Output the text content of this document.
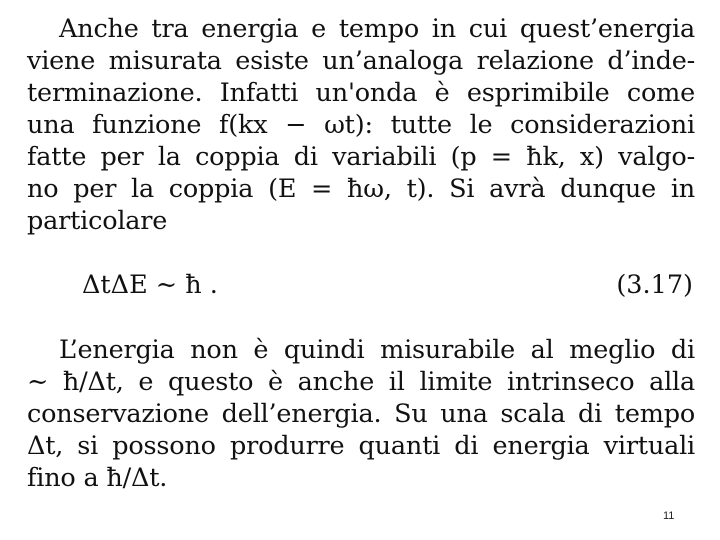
Anche tra energia e tempo in cui quest’energia
viene misurata esiste un’analoga relazione d’inde-
terminazione. Infatti un'onda è esprimibile come
una funzione f(kx − ωt): tutte le considerazioni
fatte per la coppia di variabili (p = ħk, x) valgo-
no per la coppia (E = ħω, t). Si avrà dunque in
particolare
ΔtΔE ∼ ħ .	(3.17)
L’energia non è quindi misurabile al meglio di
∼ ħ/Δt, e questo è anche il limite intrinseco alla
conservazione dell’energia. Su una scala di tempo
Δt, si possono produrre quanti di energia virtuali
fino a ħ/Δt.
11
